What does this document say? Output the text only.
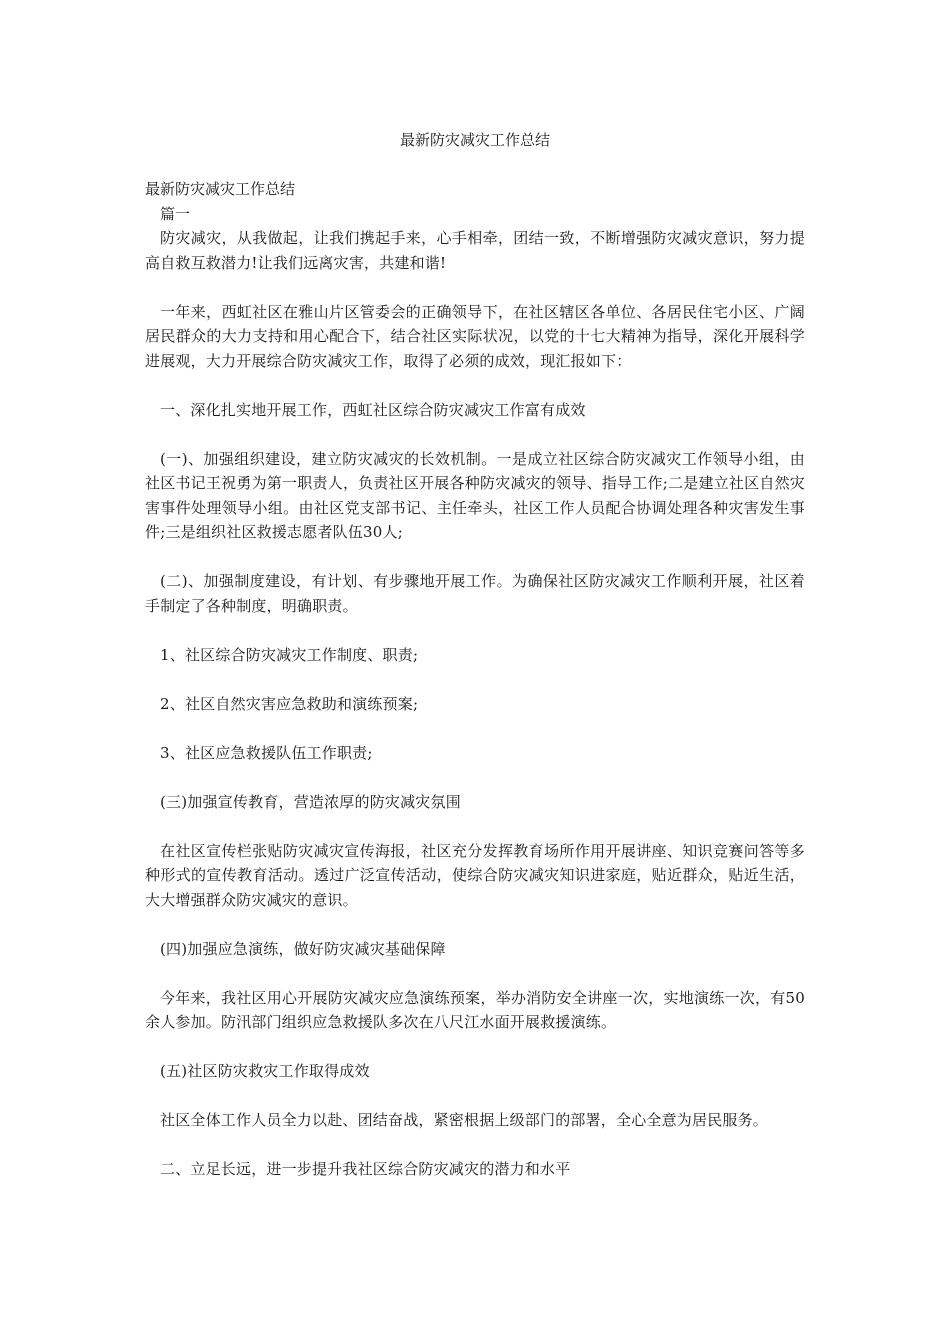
最新防灾减灾工作总结

最新防灾减灾工作总结

篇一

防灾减灾，从我做起，让我们携起手来，心手相牵，团结一致，不断增强防灾减灾意识，努力提高自救互救潜力!让我们远离灾害，共建和谐!

一年来，西虹社区在雅山片区管委会的正确领导下，在社区辖区各单位、各居民住宅小区、广阔居民群众的大力支持和用心配合下，结合社区实际状况，以党的十七大精神为指导，深化开展科学进展观，大力开展综合防灾减灾工作，取得了必须的成效，现汇报如下：

一、深化扎实地开展工作，西虹社区综合防灾减灾工作富有成效

(一)、加强组织建设，建立防灾减灾的长效机制。一是成立社区综合防灾减灾工作领导小组，由社区书记王祝勇为第一职责人，负责社区开展各种防灾减灾的领导、指导工作;二是建立社区自然灾害事件处理领导小组。由社区党支部书记、主任牵头，社区工作人员配合协调处理各种灾害发生事件;三是组织社区救援志愿者队伍30人;

(二)、加强制度建设，有计划、有步骤地开展工作。为确保社区防灾减灾工作顺利开展，社区着手制定了各种制度，明确职责。

1、社区综合防灾减灾工作制度、职责;

2、社区自然灾害应急救助和演练预案;

3、社区应急救援队伍工作职责;

(三)加强宣传教育，营造浓厚的防灾减灾氛围

在社区宣传栏张贴防灾减灾宣传海报，社区充分发挥教育场所作用开展讲座、知识竞赛问答等多种形式的宣传教育活动。透过广泛宣传活动，使综合防灾减灾知识进家庭，贴近群众，贴近生活，大大增强群众防灾减灾的意识。

(四)加强应急演练，做好防灾减灾基础保障

今年来，我社区用心开展防灾减灾应急演练预案，举办消防安全讲座一次，实地演练一次，有50余人参加。防汛部门组织应急救援队多次在八尺江水面开展救援演练。

(五)社区防灾救灾工作取得成效

社区全体工作人员全力以赴、团结奋战，紧密根据上级部门的部署，全心全意为居民服务。

二、立足长远，进一步提升我社区综合防灾减灾的潜力和水平
